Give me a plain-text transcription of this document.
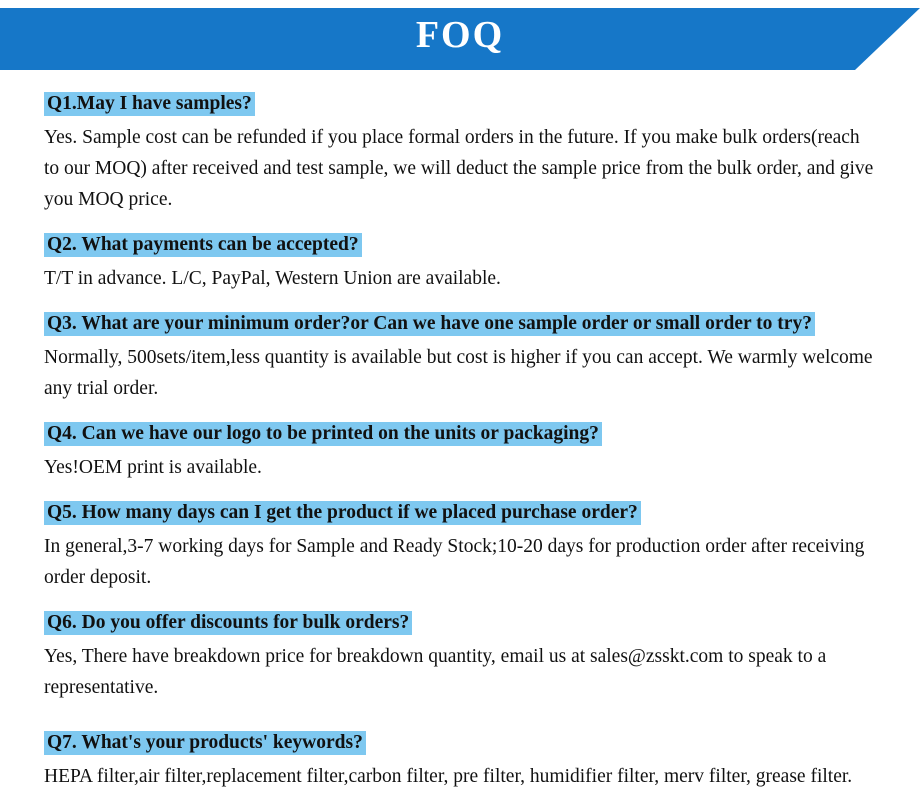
FOQ
Q1.May I have samples?
Yes. Sample cost can be refunded if you place formal orders in the future. If you make bulk orders(reach to our MOQ) after received and test sample, we will deduct the sample price from the bulk order, and give you MOQ price.
Q2. What payments can be accepted?
T/T in advance. L/C, PayPal, Western Union are available.
Q3. What are your minimum order?or Can we have one sample order or small order to try?
Normally, 500sets/item,less quantity is available but cost is higher if you can accept. We warmly welcome any trial order.
Q4. Can we have our logo to be printed on the units or packaging?
Yes!OEM print is available.
Q5. How many days can I get the product if we placed purchase order?
In general,3-7 working days for Sample and Ready Stock;10-20 days for production order after receiving order deposit.
Q6. Do you offer discounts for bulk orders?
Yes, There have breakdown price for breakdown quantity, email us at sales@zsskt.com to speak to a representative.
Q7. What's your products' keywords?
HEPA filter,air filter,replacement filter,carbon filter, pre filter, humidifier filter, merv filter, grease filter.
